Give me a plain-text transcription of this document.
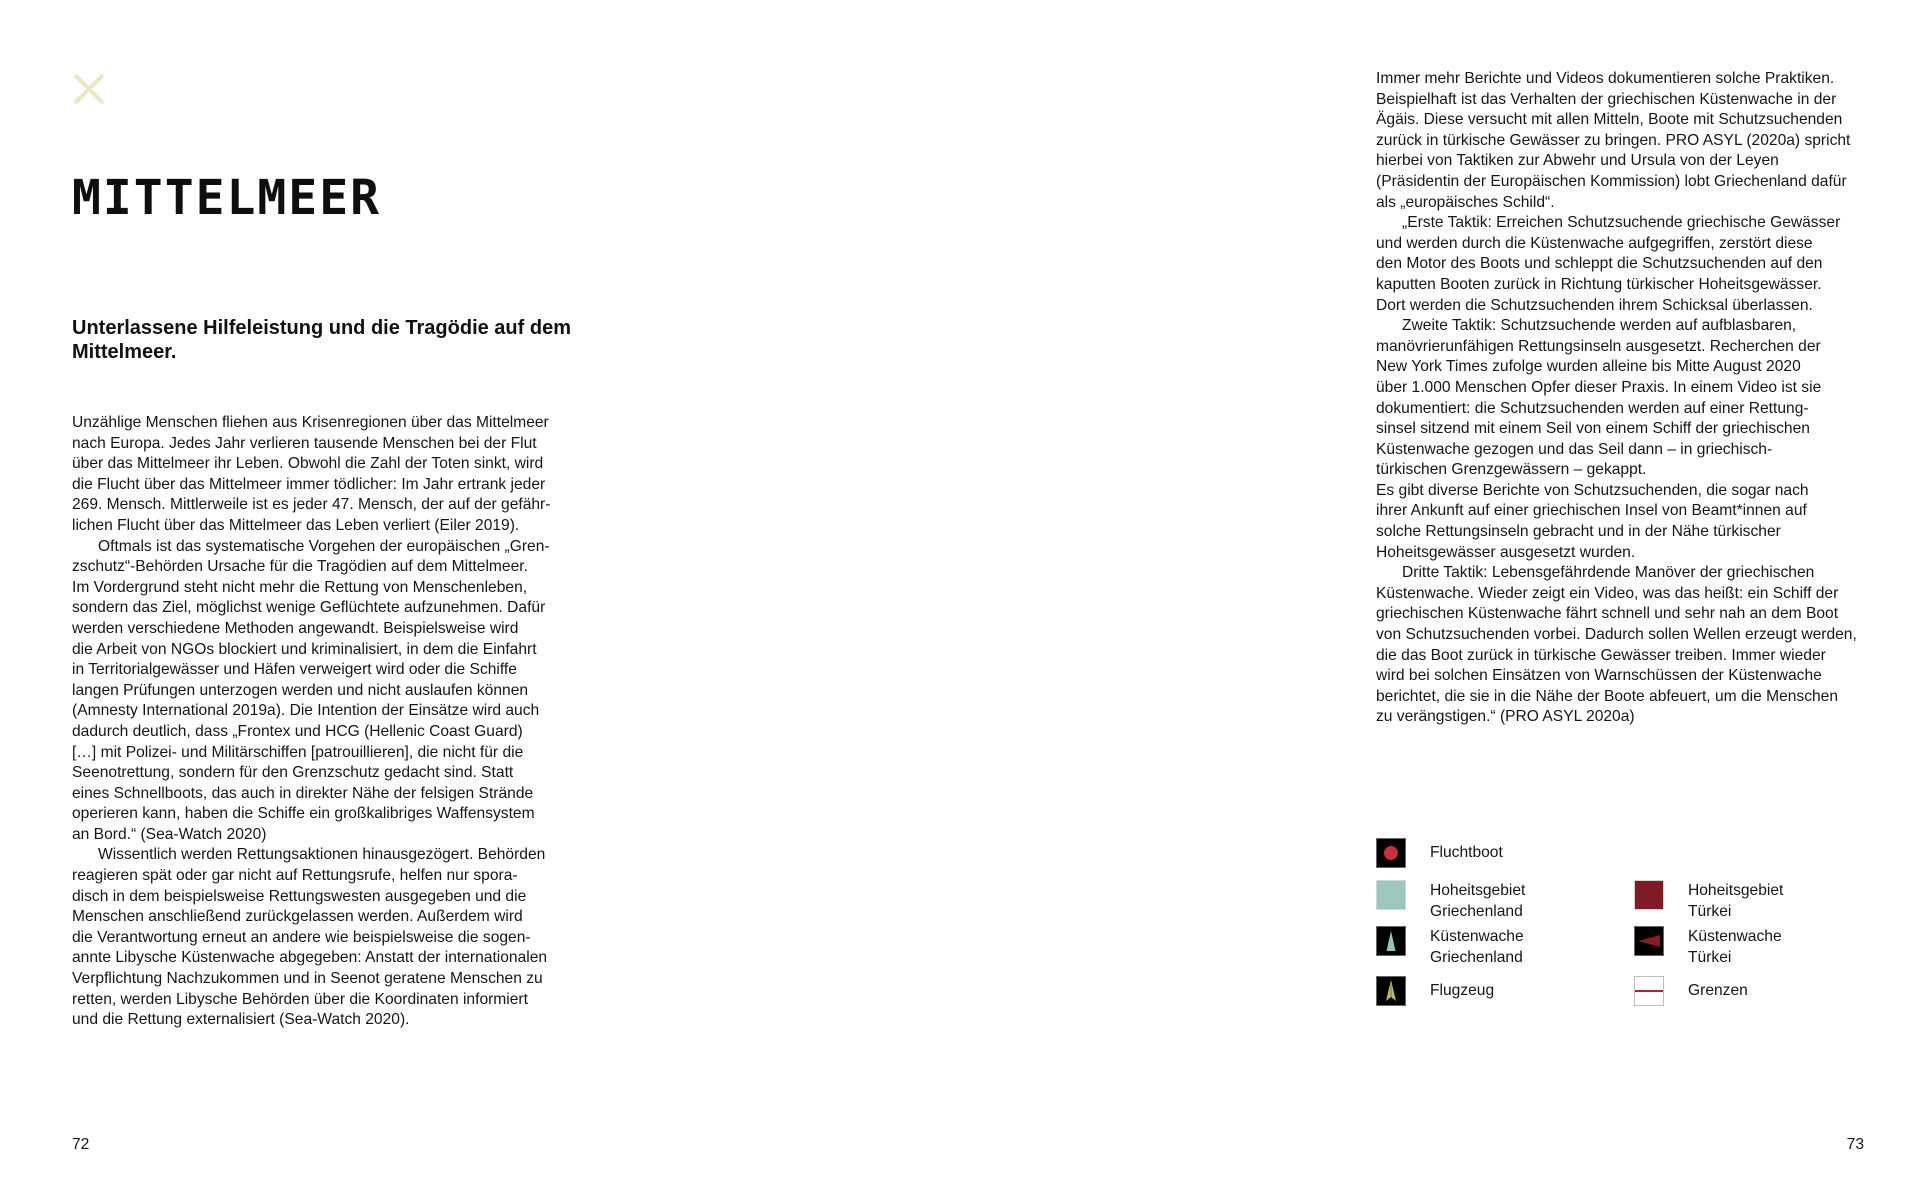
MITTELMEER
Unterlassene Hilfeleistung und die Tragödie auf dem Mittelmeer.

Unzählige Menschen fliehen aus Krisenregionen über das Mittelmeer
nach Europa. Jedes Jahr verlieren tausende Menschen bei der Flut
über das Mittelmeer ihr Leben. Obwohl die Zahl der Toten sinkt, wird
die Flucht über das Mittelmeer immer tödlicher: Im Jahr ertrank jeder
269. Mensch. Mittlerweile ist es jeder 47. Mensch, der auf der gefähr-
lichen Flucht über das Mittelmeer das Leben verliert (Eiler 2019).

Oftmals ist das systematische Vorgehen der europäischen „Gren-
zschutz“-Behörden Ursache für die Tragödien auf dem Mittelmeer.
Im Vordergrund steht nicht mehr die Rettung von Menschenleben,
sondern das Ziel, möglichst wenige Geflüchtete aufzunehmen. Dafür
werden verschiedene Methoden angewandt. Beispielsweise wird
die Arbeit von NGOs blockiert und kriminalisiert, in dem die Einfahrt
in Territorialgewässer und Häfen verweigert wird oder die Schiffe
langen Prüfungen unterzogen werden und nicht auslaufen können
(Amnesty International 2019a). Die Intention der Einsätze wird auch
dadurch deutlich, dass „Frontex und HCG (Hellenic Coast Guard)
[…] mit Polizei- und Militärschiffen [patrouillieren], die nicht für die
Seenotrettung, sondern für den Grenzschutz gedacht sind. Statt
eines Schnellboots, das auch in direkter Nähe der felsigen Strände
operieren kann, haben die Schiffe ein großkalibriges Waffensystem
an Bord.“ (Sea-Watch 2020)

Wissentlich werden Rettungsaktionen hinausgezögert. Behörden
reagieren spät oder gar nicht auf Rettungsrufe, helfen nur spora-
disch in dem beispielsweise Rettungswesten ausgegeben und die
Menschen anschließend zurückgelassen werden. Außerdem wird
die Verantwortung erneut an andere wie beispielsweise die sogen-
annte Libysche Küstenwache abgegeben: Anstatt der internationalen
Verpflichtung Nachzukommen und in Seenot geratene Menschen zu
retten, werden Libysche Behörden über die Koordinaten informiert
und die Rettung externalisiert (Sea-Watch 2020).

Immer mehr Berichte und Videos dokumentieren solche Praktiken.
Beispielhaft ist das Verhalten der griechischen Küstenwache in der
Ägäis. Diese versucht mit allen Mitteln, Boote mit Schutzsuchenden
zurück in türkische Gewässer zu bringen. PRO ASYL (2020a) spricht
hierbei von Taktiken zur Abwehr und Ursula von der Leyen
(Präsidentin der Europäischen Kommission) lobt Griechenland dafür
als „europäisches Schild“.

„Erste Taktik: Erreichen Schutzsuchende griechische Gewässer
und werden durch die Küstenwache aufgegriffen, zerstört diese
den Motor des Boots und schleppt die Schutzsuchenden auf den
kaputten Booten zurück in Richtung türkischer Hoheitsgewässer.
Dort werden die Schutzsuchenden ihrem Schicksal überlassen.

Zweite Taktik: Schutzsuchende werden auf aufblasbaren,
manövrierunfähigen Rettungsinseln ausgesetzt. Recherchen der
New York Times zufolge wurden alleine bis Mitte August 2020
über 1.000 Menschen Opfer dieser Praxis. In einem Video ist sie
dokumentiert: die Schutzsuchenden werden auf einer Rettung-
sinsel sitzend mit einem Seil von einem Schiff der griechischen
Küstenwache gezogen und das Seil dann – in griechisch-
türkischen Grenzgewässern – gekappt.

Es gibt diverse Berichte von Schutzsuchenden, die sogar nach
ihrer Ankunft auf einer griechischen Insel von Beamt*innen auf
solche Rettungsinseln gebracht und in der Nähe türkischer
Hoheitsgewässer ausgesetzt wurden.

Dritte Taktik: Lebensgefährdende Manöver der griechischen
Küstenwache. Wieder zeigt ein Video, was das heißt: ein Schiff der
griechischen Küstenwache fährt schnell und sehr nah an dem Boot
von Schutzsuchenden vorbei. Dadurch sollen Wellen erzeugt werden,
die das Boot zurück in türkische Gewässer treiben. Immer wieder
wird bei solchen Einsätzen von Warnschüssen der Küstenwache
berichtet, die sie in die Nähe der Boote abfeuert, um die Menschen
zu verängstigen.“ (PRO ASYL 2020a)

Fluchtboot
Hoheitsgebiet
Griechenland
Hoheitsgebiet
Türkei
Küstenwache
Griechenland
Küstenwache
Türkei
Flugzeug	Grenzen
72	73
